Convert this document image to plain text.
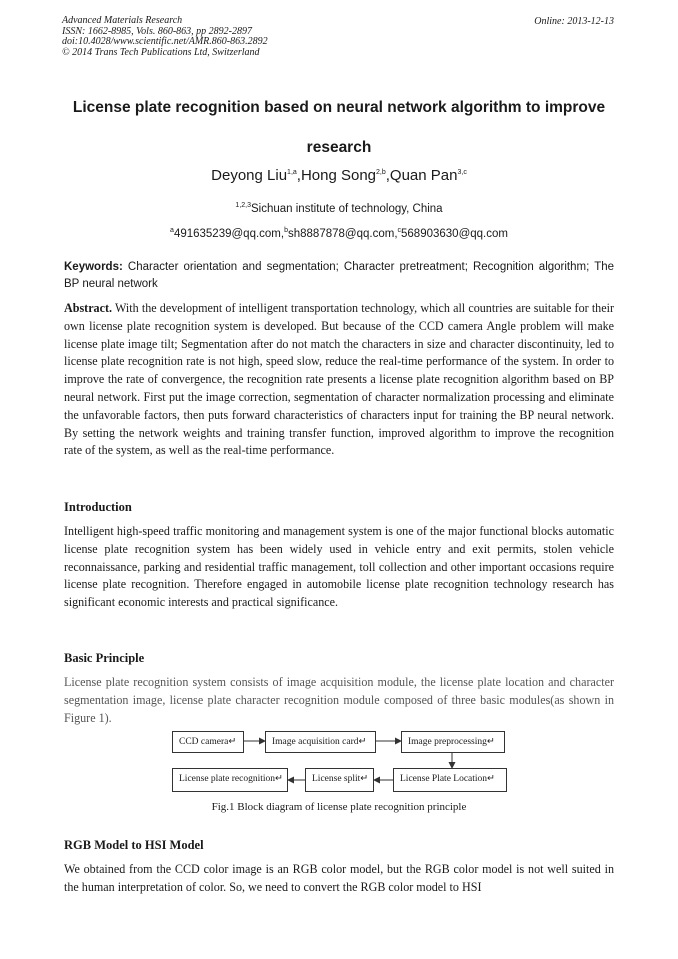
Advanced Materials Research
ISSN: 1662-8985, Vols. 860-863, pp 2892-2897
doi:10.4028/www.scientific.net/AMR.860-863.2892
© 2014 Trans Tech Publications Ltd, Switzerland
Online: 2013-12-13
License plate recognition based on neural network algorithm to improve research
Deyong Liu$^{1,a}$,Hong Song$^{2,b}$,Quan Pan$^{3,c}$
$^{1,2,3}$Sichuan institute of technology, China
$^a$491635239@qq.com,$^b$sh8887878@qq.com,$^c$568903630@qq.com

Keywords: Character orientation and segmentation; Character pretreatment; Recognition algorithm; The BP neural network

Abstract. With the development of intelligent transportation technology, which all countries are suitable for their own license plate recognition system is developed. But because of the CCD camera Angle problem will make license plate image tilt; Segmentation after do not match the characters in size and character discontinuity, led to license plate recognition rate is not high, speed slow, reduce the real-time performance of the system. In order to improve the rate of convergence, the recognition rate presents a license plate recognition algorithm based on BP neural network. First put the image correction, segmentation of character normalization processing and eliminate the unfavorable factors, then puts forward characteristics of characters input for training the BP neural network. By setting the network weights and training transfer function, improved algorithm to improve the recognition rate of the system, as well as the real-time performance.

Introduction

Intelligent high-speed traffic monitoring and management system is one of the major functional blocks automatic license plate recognition system has been widely used in vehicle entry and exit permits, stolen vehicle reconnaissance, parking and residential traffic management, toll collection and other important occasions require license plate recognition. Therefore engaged in automobile license plate recognition technology research has significant economic interests and practical significance.

Basic Principle

License plate recognition system consists of image acquisition module, the license plate location and character segmentation image, license plate character recognition module composed of three basic modules(as shown in Figure 1).

CCD camera↵	Image acquisition card↵	Image preprocessing↵
License Plate Location↵
License split↵
License plate recognition↵
Fig.1 Block diagram of license plate recognition principle
RGB Model to HSI Model

We obtained from the CCD color image is an RGB color model, but the RGB color model is not well suited in the human interpretation of color. So, we need to convert the RGB color model to HSI
